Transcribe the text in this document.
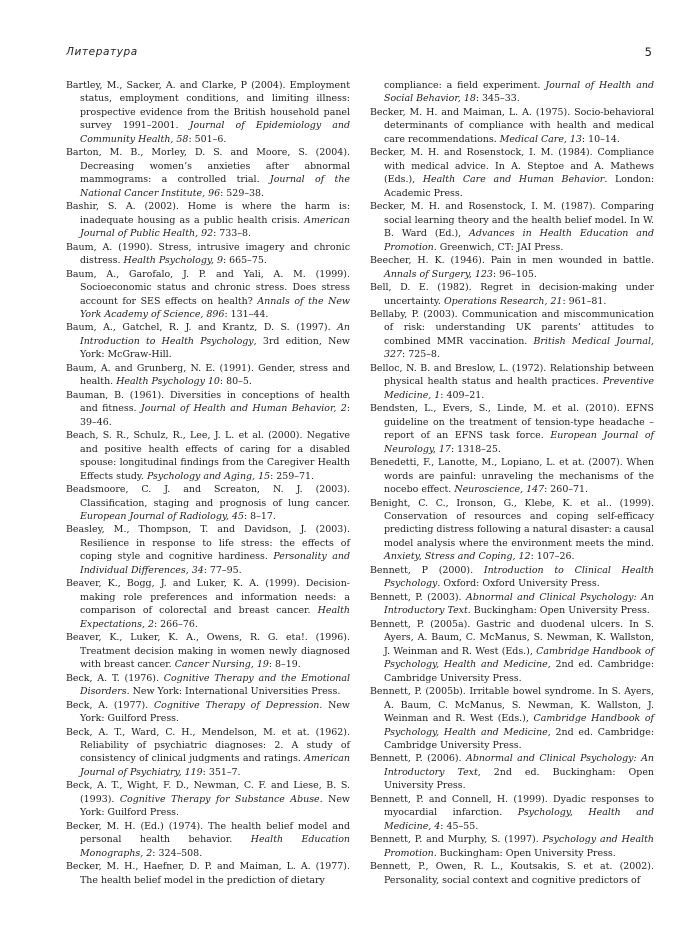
Литература	5

Bartley, M., Sacker, A. and Clarke, P (2004). Employment status, employment conditions, and limiting illness: prospective evidence from the British household panel survey 1991–2001. Journal of Epidemiology and Community Health, 58: 501–6.

Barton, M. B., Morley, D. S. and Moore, S. (2004). Decreasing women’s anxieties after abnormal mammograms: a controlled trial. Journal of the National Cancer Institute, 96: 529–38.

Bashir, S. A. (2002). Home is where the harm is: inadequate housing as a public health crisis. American Journal of Public Health, 92: 733–8.

Baum, A. (1990). Stress, intrusive imagery and chronic distress. Health Psychology, 9: 665–75.

Baum, A., Garofalo, J. P. and Yali, A. M. (1999). Socioeconomic status and chronic stress. Does stress account for SES effects on health? Annals of the New York Academy of Science, 896: 131–44.

Baum, A., Gatchel, R. J. and Krantz, D. S. (1997). An Introduction to Health Psychology, 3rd edition, New York: McGraw-Hill.

Baum, A. and Grunberg, N. E. (1991). Gender, stress and health. Health Psychology 10: 80–5.

Bauman, B. (1961). Diversities in conceptions of health and fitness. Journal of Health and Human Behavior, 2: 39–46.

Beach, S. R., Schulz, R., Lee, J. L. et al. (2000). Negative and positive health effects of caring for a disabled spouse: longitudinal findings from the Caregiver Health Effects study. Psychology and Aging, 15: 259–71.

Beadsmoore, C. J. and Screaton, N. J. (2003). Classification, staging and prognosis of lung cancer. European Journal of Radiology, 45: 8–17.

Beasley, M., Thompson, T. and Davidson, J. (2003). Resilience in response to life stress: the effects of coping style and cognitive hardiness. Personality and Individual Differences, 34: 77–95.

Beaver, K., Bogg, J. and Luker, K. A. (1999). Decision- making role preferences and information needs: a comparison of colorectal and breast cancer. Health Expectations, 2: 266–76.

Beaver, K., Luker, K. A., Owens, R. G. eta!. (1996). Treatment decision making in women newly diagnosed with breast cancer. Cancer Nursing, 19: 8–19.

Beck, A. T. (1976). Cognitive Therapy and the Emotional Disorders. New York: International Universities Press.

Beck, A. (1977). Cognitive Therapy of Depression. New York: Guilford Press.

Beck, A. T., Ward, C. H., Mendelson, M. et at. (1962). Reliability of psychiatric diagnoses: 2. A study of consistency of clinical judgments and ratings. American Journal of Psychiatry, 119: 351–7.

Beck, A. T., Wight, F. D., Newman, C. F. and Liese, B. S. (1993). Cognitive Therapy for Substance Abuse. New York: Guilford Press.

Becker, M. H. (Ed.) (1974). The health belief model and personal health behavior. Health Education Monographs, 2: 324–508.

Becker, M. H., Haefner, D. P. and Maiman, L. A. (1977). The health belief model in the prediction of dietary

compliance: a field experiment. Journal of Health and Social Behavior, 18: 345–33.

Becker, M. H. and Maiman, L. A. (1975). Socio-behavioral determinants of compliance with health and medical care recommendations. Medical Care, 13: 10–14.

Becker, M. H. and Rosenstock, I. M. (1984). Compliance with medical advice. In A. Steptoe and A. Mathews (Eds.), Health Care and Human Behavior. London: Academic Press.

Becker, M. H. and Rosenstock, I. M. (1987). Comparing social learning theory and the health belief model. In W. B. Ward (Ed.), Advances in Health Education and Promotion. Greenwich, CT: JAI Press.

Beecher, H. K. (1946). Pain in men wounded in battle. Annals of Surgery, 123: 96–105.

Bell, D. E. (1982). Regret in decision-making under uncertainty. Operations Research, 21: 961–81.

Bellaby, P. (2003). Communication and miscommunication of risk: understanding UK parents’ attitudes to combined MMR vaccination. British Medical Journal, 327: 725–8.

Belloc, N. B. and Breslow, L. (1972). Relationship between physical health status and health practices. Preventive Medicine, 1: 409–21.

Bendsten, L., Evers, S., Linde, M. et al. (2010). EFNS guideline on the treatment of tension-type headache – report of an EFNS task force. European Journal of Neurology, 17: 1318–25.

Benedetti, F., Lanotte, M., Lopiano, L. et at. (2007). When words are painful: unraveling the mechanisms of the nocebo effect. Neuroscience, 147: 260–71.

Benight, C. C., Ironson, G., Klebe, K. et al.. (1999). Conservation of resources and coping self-efficacy predicting distress following a natural disaster: a causal model analysis where the environment meets the mind. Anxiety, Stress and Coping, 12: 107–26.

Bennett, P (2000). Introduction to Clinical Health Psychology. Oxford: Oxford University Press.

Bennett, P. (2003). Abnormal and Clinical Psychology: An Introductory Text. Buckingham: Open University Press.

Bennett, P. (2005a). Gastric and duodenal ulcers. In S. Ayers, A. Baum, C. McManus, S. Newman, K. Wallston, J. Weinman and R. West (Eds.), Cambridge Handbook of Psychology, Health and Medicine, 2nd ed. Cambridge: Cambridge University Press.

Bennett, P. (2005b). Irritable bowel syndrome. In S. Ayers, A. Baum, C. McManus, S. Newman, K. Wallston, J. Weinman and R. West (Eds.), Cambridge Handbook of Psychology, Health and Medicine, 2nd ed. Cambridge: Cambridge University Press.

Bennett, P. (2006). Abnormal and Clinical Psychology: An Introductory Text, 2nd ed. Buckingham: Open University Press.

Bennett, P. and Connell, H. (1999). Dyadic responses to myocardial infarction. Psychology, Health and Medicine, 4: 45–55.

Bennett, P. and Murphy, S. (1997). Psychology and Health Promotion. Buckingham: Open University Press.

Bennett, P., Owen, R. L., Koutsakis, S. et at. (2002). Personality, social context and cognitive predictors of
